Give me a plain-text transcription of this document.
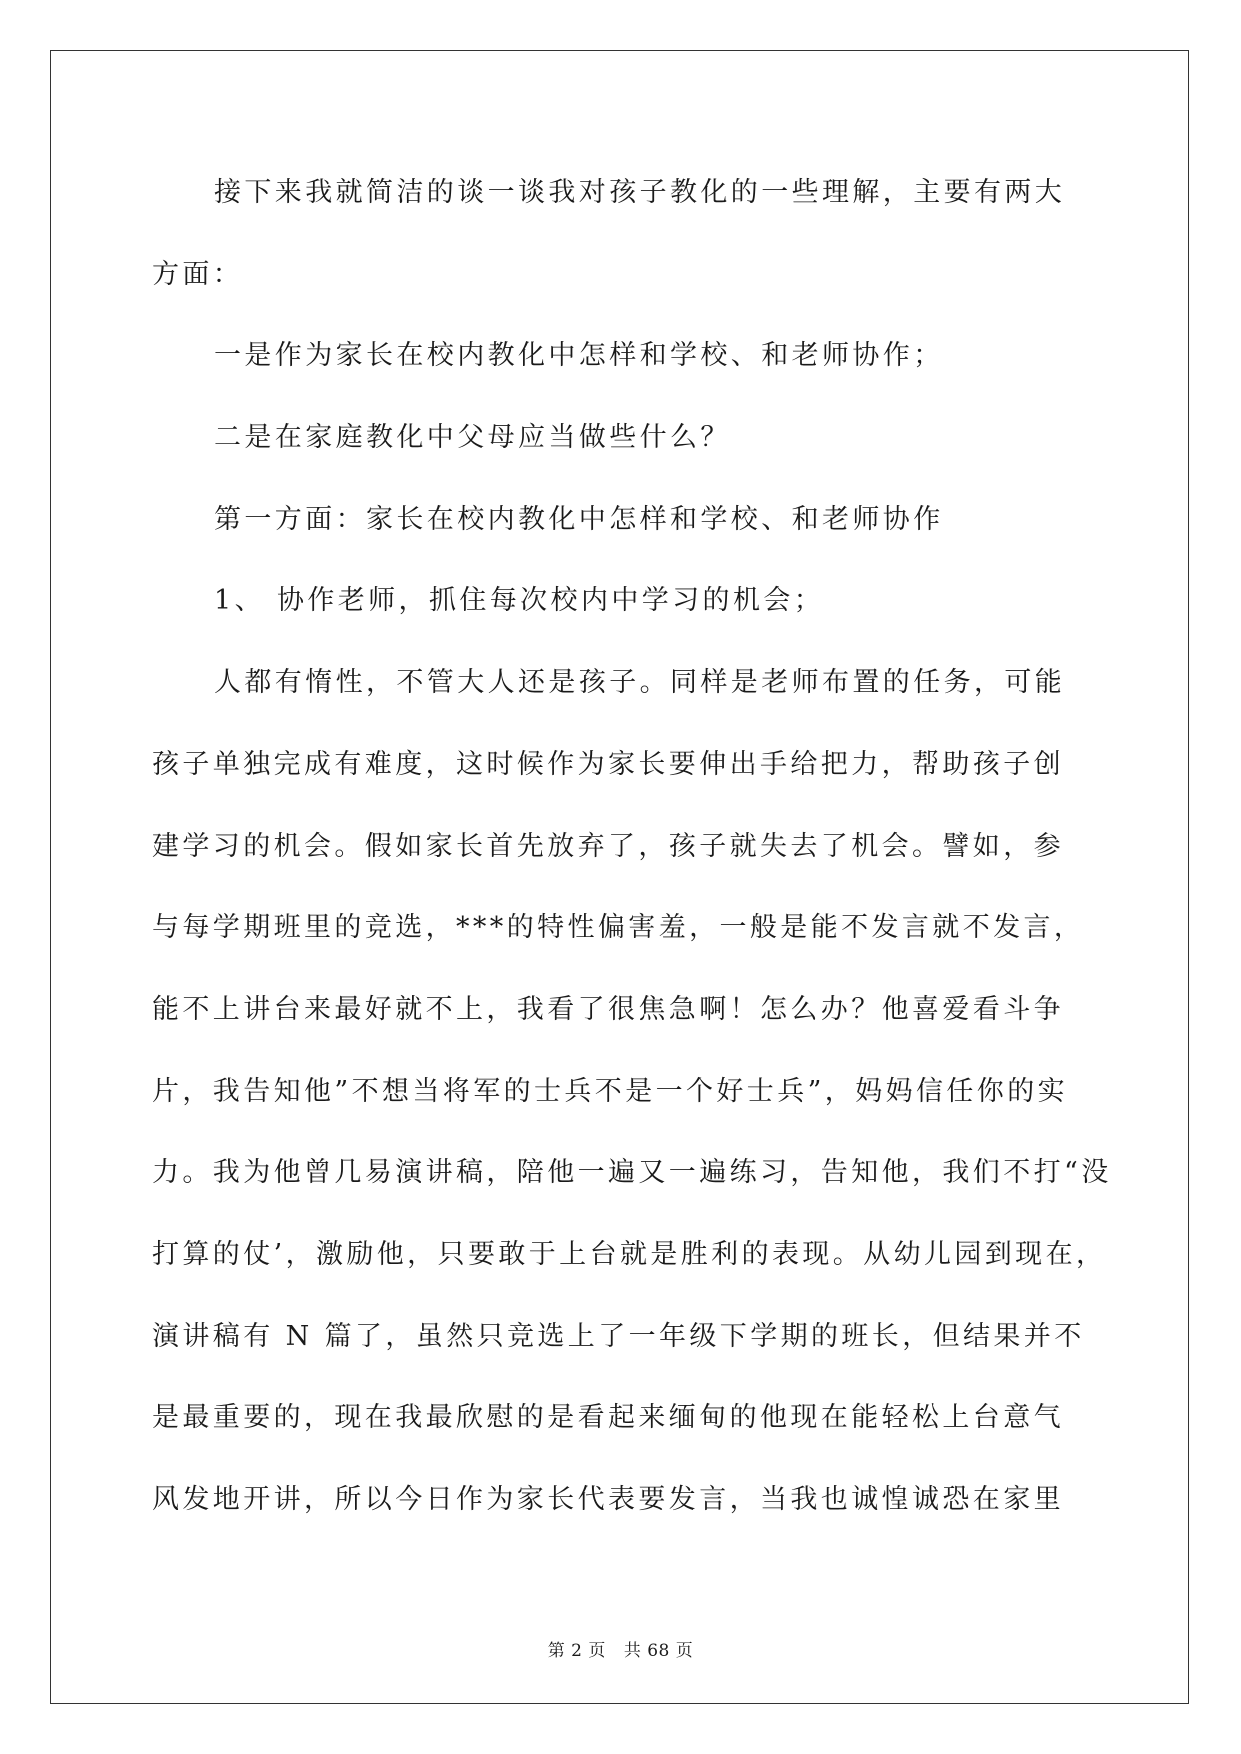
接下来我就简洁的谈一谈我对孩子教化的一些理解，主要有两大
方面：
一是作为家长在校内教化中怎样和学校、和老师协作；
二是在家庭教化中父母应当做些什么？
第一方面：家长在校内教化中怎样和学校、和老师协作
1、 协作老师，抓住每次校内中学习的机会；
人都有惰性，不管大人还是孩子。同样是老师布置的任务，可能
孩子单独完成有难度，这时候作为家长要伸出手给把力，帮助孩子创
建学习的机会。假如家长首先放弃了，孩子就失去了机会。譬如，参
与每学期班里的竞选，***的特性偏害羞，一般是能不发言就不发言，
能不上讲台来最好就不上，我看了很焦急啊！怎么办？他喜爱看斗争
片，我告知他”不想当将军的士兵不是一个好士兵”，妈妈信任你的实
力。我为他曾几易演讲稿，陪他一遍又一遍练习，告知他，我们不打“没
打算的仗’，激励他，只要敢于上台就是胜利的表现。从幼儿园到现在，
演讲稿有 N 篇了，虽然只竞选上了一年级下学期的班长，但结果并不
是最重要的，现在我最欣慰的是看起来缅甸的他现在能轻松上台意气
风发地开讲，所以今日作为家长代表要发言，当我也诚惶诚恐在家里
第 2 页 共 68 页
